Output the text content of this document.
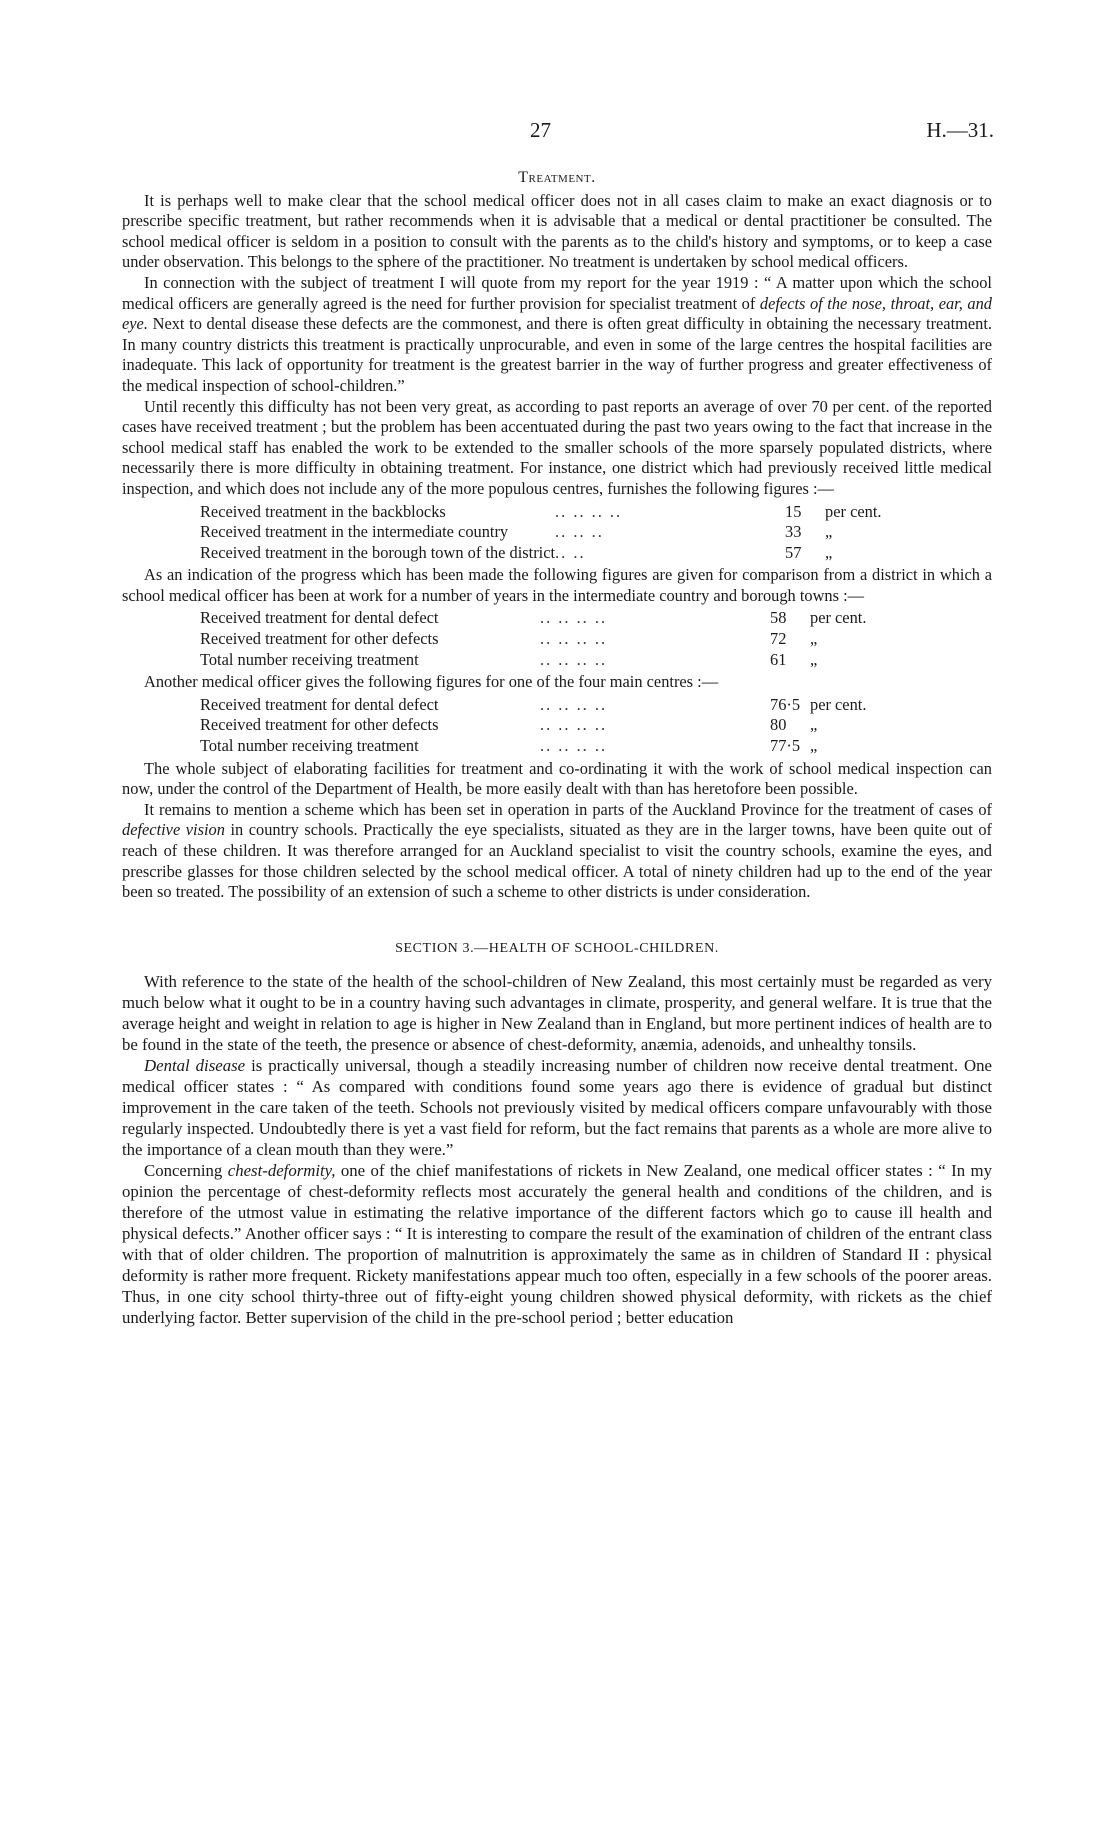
27	H.—31.
Treatment.

It is perhaps well to make clear that the school medical officer does not in all cases claim to make an exact diagnosis or to prescribe specific treatment, but rather recommends when it is advisable that a medical or dental practitioner be consulted. The school medical officer is seldom in a position to consult with the parents as to the child's history and symptoms, or to keep a case under observation. This belongs to the sphere of the practitioner. No treatment is undertaken by school medical officers.

In connection with the subject of treatment I will quote from my report for the year 1919 : “ A matter upon which the school medical officers are generally agreed is the need for further provision for specialist treatment of defects of the nose, throat, ear, and eye. Next to dental disease these defects are the commonest, and there is often great difficulty in obtaining the necessary treatment. In many country districts this treatment is practically unprocurable, and even in some of the large centres the hospital facilities are inadequate. This lack of opportunity for treatment is the greatest barrier in the way of further progress and greater effectiveness of the medical inspection of school-children.”

Until recently this difficulty has not been very great, as according to past reports an average of over 70 per cent. of the reported cases have received treatment ; but the problem has been accentuated during the past two years owing to the fact that increase in the school medical staff has enabled the work to be extended to the smaller schools of the more sparsely populated districts, where necessarily there is more difficulty in obtaining treatment. For instance, one district which had previously received little medical inspection, and which does not include any of the more populous centres, furnishes the following figures :—

Received treatment in the backblocks	.. .. .. ..	15	per cent.
Received treatment in the intermediate country	.. .. ..	33	„
Received treatment in the borough town of the district	.. ..	57	„

As an indication of the progress which has been made the following figures are given for comparison from a district in which a school medical officer has been at work for a number of years in the intermediate country and borough towns :—

Received treatment for dental defect	.. .. .. ..	58	per cent.
Received treatment for other defects	.. .. .. ..	72	„
Total number receiving treatment	.. .. .. ..	61	„

Another medical officer gives the following figures for one of the four main centres :—

Received treatment for dental defect	.. .. .. ..	76·5	per cent.
Received treatment for other defects	.. .. .. ..	80	„
Total number receiving treatment	.. .. .. ..	77·5	„

The whole subject of elaborating facilities for treatment and co-ordinating it with the work of school medical inspection can now, under the control of the Department of Health, be more easily dealt with than has heretofore been possible.

It remains to mention a scheme which has been set in operation in parts of the Auckland Province for the treatment of cases of defective vision in country schools. Practically the eye specialists, situated as they are in the larger towns, have been quite out of reach of these children. It was therefore arranged for an Auckland specialist to visit the country schools, examine the eyes, and prescribe glasses for those children selected by the school medical officer. A total of ninety children had up to the end of the year been so treated. The possibility of an extension of such a scheme to other districts is under consideration.

SECTION 3.—HEALTH OF SCHOOL-CHILDREN.

With reference to the state of the health of the school-children of New Zealand, this most certainly must be regarded as very much below what it ought to be in a country having such advantages in climate, prosperity, and general welfare. It is true that the average height and weight in relation to age is higher in New Zealand than in England, but more pertinent indices of health are to be found in the state of the teeth, the presence or absence of chest-deformity, anæmia, adenoids, and unhealthy tonsils.

Dental disease is practically universal, though a steadily increasing number of children now receive dental treatment. One medical officer states : “ As compared with conditions found some years ago there is evidence of gradual but distinct improvement in the care taken of the teeth. Schools not previously visited by medical officers compare unfavourably with those regularly inspected. Undoubtedly there is yet a vast field for reform, but the fact remains that parents as a whole are more alive to the importance of a clean mouth than they were.”

Concerning chest-deformity, one of the chief manifestations of rickets in New Zealand, one medical officer states : “ In my opinion the percentage of chest-deformity reflects most accurately the general health and conditions of the children, and is therefore of the utmost value in estimating the relative importance of the different factors which go to cause ill health and physical defects.” Another officer says : “ It is interesting to compare the result of the examination of children of the entrant class with that of older children. The proportion of malnutrition is approximately the same as in children of Standard II : physical deformity is rather more frequent. Rickety manifestations appear much too often, especially in a few schools of the poorer areas. Thus, in one city school thirty-three out of fifty-eight young children showed physical deformity, with rickets as the chief underlying factor. Better supervision of the child in the pre-school period ; better education
